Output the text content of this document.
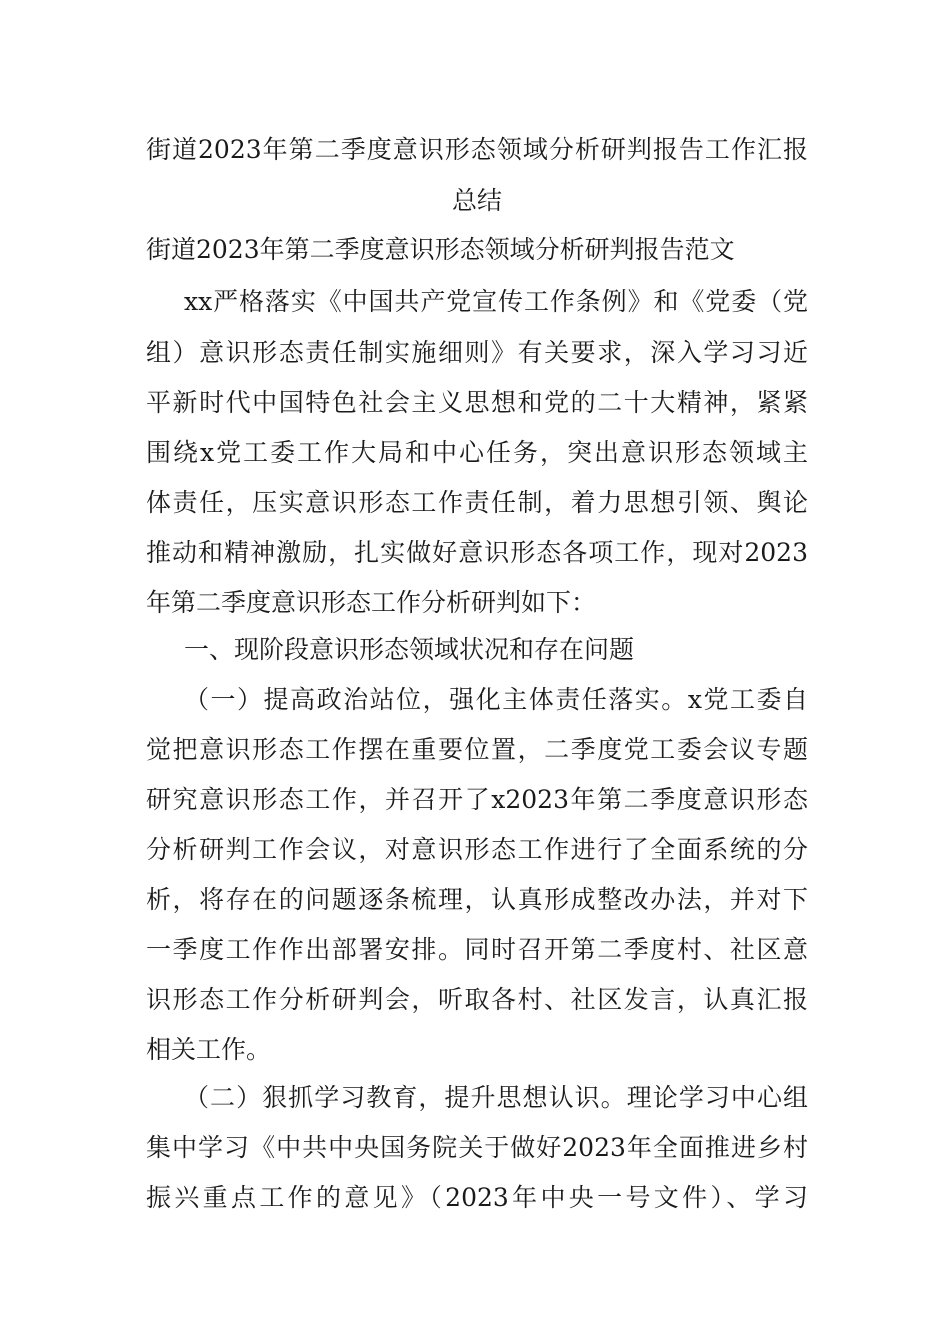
街道2023年第二季度意识形态领域分析研判报告工作汇报
总结
街道2023年第二季度意识形态领域分析研判报告范文
xx严格落实《中国共产党宣传工作条例》和《党委（党
组）意识形态责任制实施细则》有关要求，深入学习习近
平新时代中国特色社会主义思想和党的二十大精神，紧紧
围绕x党工委工作大局和中心任务，突出意识形态领域主
体责任，压实意识形态工作责任制，着力思想引领、舆论
推动和精神激励，扎实做好意识形态各项工作，现对2023
年第二季度意识形态工作分析研判如下：
一、现阶段意识形态领域状况和存在问题
（一）提高政治站位，强化主体责任落实。x党工委自
觉把意识形态工作摆在重要位置，二季度党工委会议专题
研究意识形态工作，并召开了x2023年第二季度意识形态
分析研判工作会议，对意识形态工作进行了全面系统的分
析，将存在的问题逐条梳理，认真形成整改办法，并对下
一季度工作作出部署安排。同时召开第二季度村、社区意
识形态工作分析研判会，听取各村、社区发言，认真汇报
相关工作。
（二）狠抓学习教育，提升思想认识。理论学习中心组
集中学习《中共中央国务院关于做好2023年全面推进乡村
振兴重点工作的意见》（2023年中央一号文件）、学习
